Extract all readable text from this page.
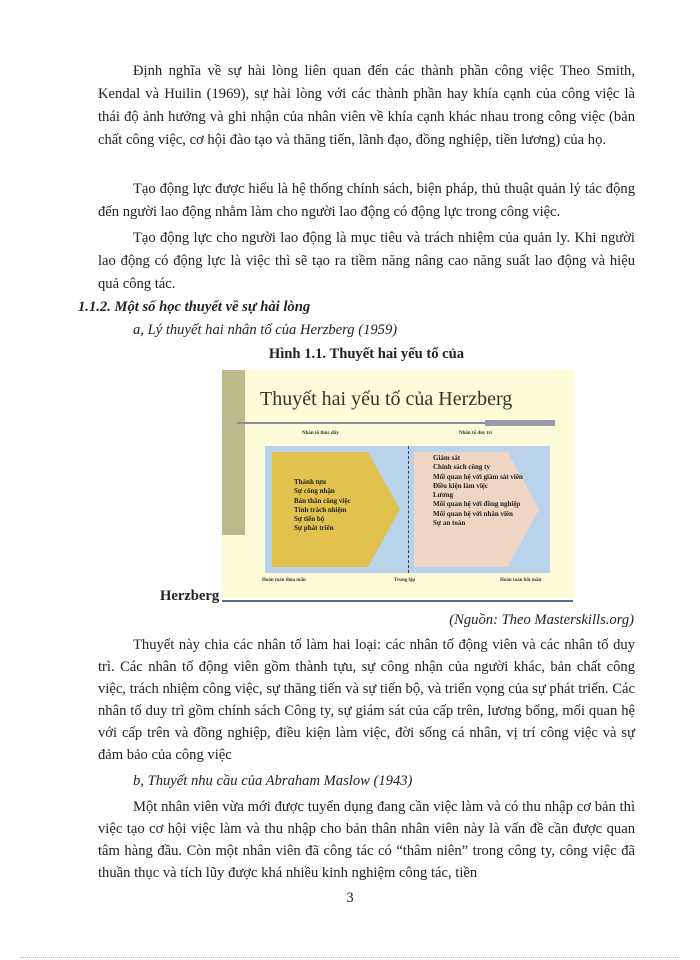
Định nghĩa về sự hài lòng liên quan đến các thành phần công việc Theo Smith, Kendal và Huilin (1969), sự hài lòng với các thành phần hay khía cạnh của công việc là thái độ ảnh hưởng và ghi nhận của nhân viên về khía cạnh khác nhau trong công việc (bản chất công việc, cơ hội đào tạo và thăng tiến, lãnh đạo, đồng nghiệp, tiền lương) của họ.

Tạo động lực được hiểu là hệ thống chính sách, biện pháp, thủ thuật quản lý tác động đến người lao động nhằm làm cho người lao động có động lực trong công việc.

Tạo động lực cho người lao động là mục tiêu và trách nhiệm của quản ly. Khi người lao động có động lực là việc thì sẽ tạo ra tiềm năng nâng cao năng suất lao động và hiệu quả công tác.

1.1.2. Một số học thuyết về sự hài lòng

a, Lý thuyết hai nhân tố của Herzberg (1959)

Hình 1.1. Thuyết hai yếu tố của

Thuyết hai yếu tố của Herzberg
Nhân tố thúc đẩy	Nhân tố duy trì
Thành tựu
Sự công nhận
Bản thân công việc
Tính trách nhiệm
Sự tiến bộ
Sự phát triển
Giám sát
Chính sách công ty
Mối quan hệ với giám sát viên
Điều kiện làm việc
Lương
Mối quan hệ với đồng nghiệp
Mối quan hệ với nhân viên
Sự an toàn
Hoàn toàn thỏa mãn	Trung lập	Hoàn toàn bất mãn
Herzberg
(Nguồn: Theo Masterskills.org)

Thuyết này chia các nhân tố làm hai loại: các nhân tố động viên và các nhân tố duy trì. Các nhân tố động viên gồm thành tựu, sự công nhận của người khác, bản chất công việc, trách nhiệm công việc, sự thăng tiến và sự tiến bộ, và triển vọng của sự phát triển. Các nhân tố duy trì gồm chính sách Công ty, sự giám sát của cấp trên, lương bổng, mối quan hệ với cấp trên và đồng nghiệp, điều kiện làm việc, đời sống cá nhân, vị trí công việc và sự đảm bảo của công việc

b, Thuyết nhu cầu của Abraham Maslow (1943)

Một nhân viên vừa mới được tuyển dụng đang cần việc làm và có thu nhập cơ bản thì việc tạo cơ hội việc làm và thu nhập cho bản thân nhân viên này là vấn đề cần được quan tâm hàng đầu. Còn một nhân viên đã công tác có “thâm niên” trong công ty, công việc đã thuần thục và tích lũy được khá nhiều kinh nghiệm công tác, tiền

3
